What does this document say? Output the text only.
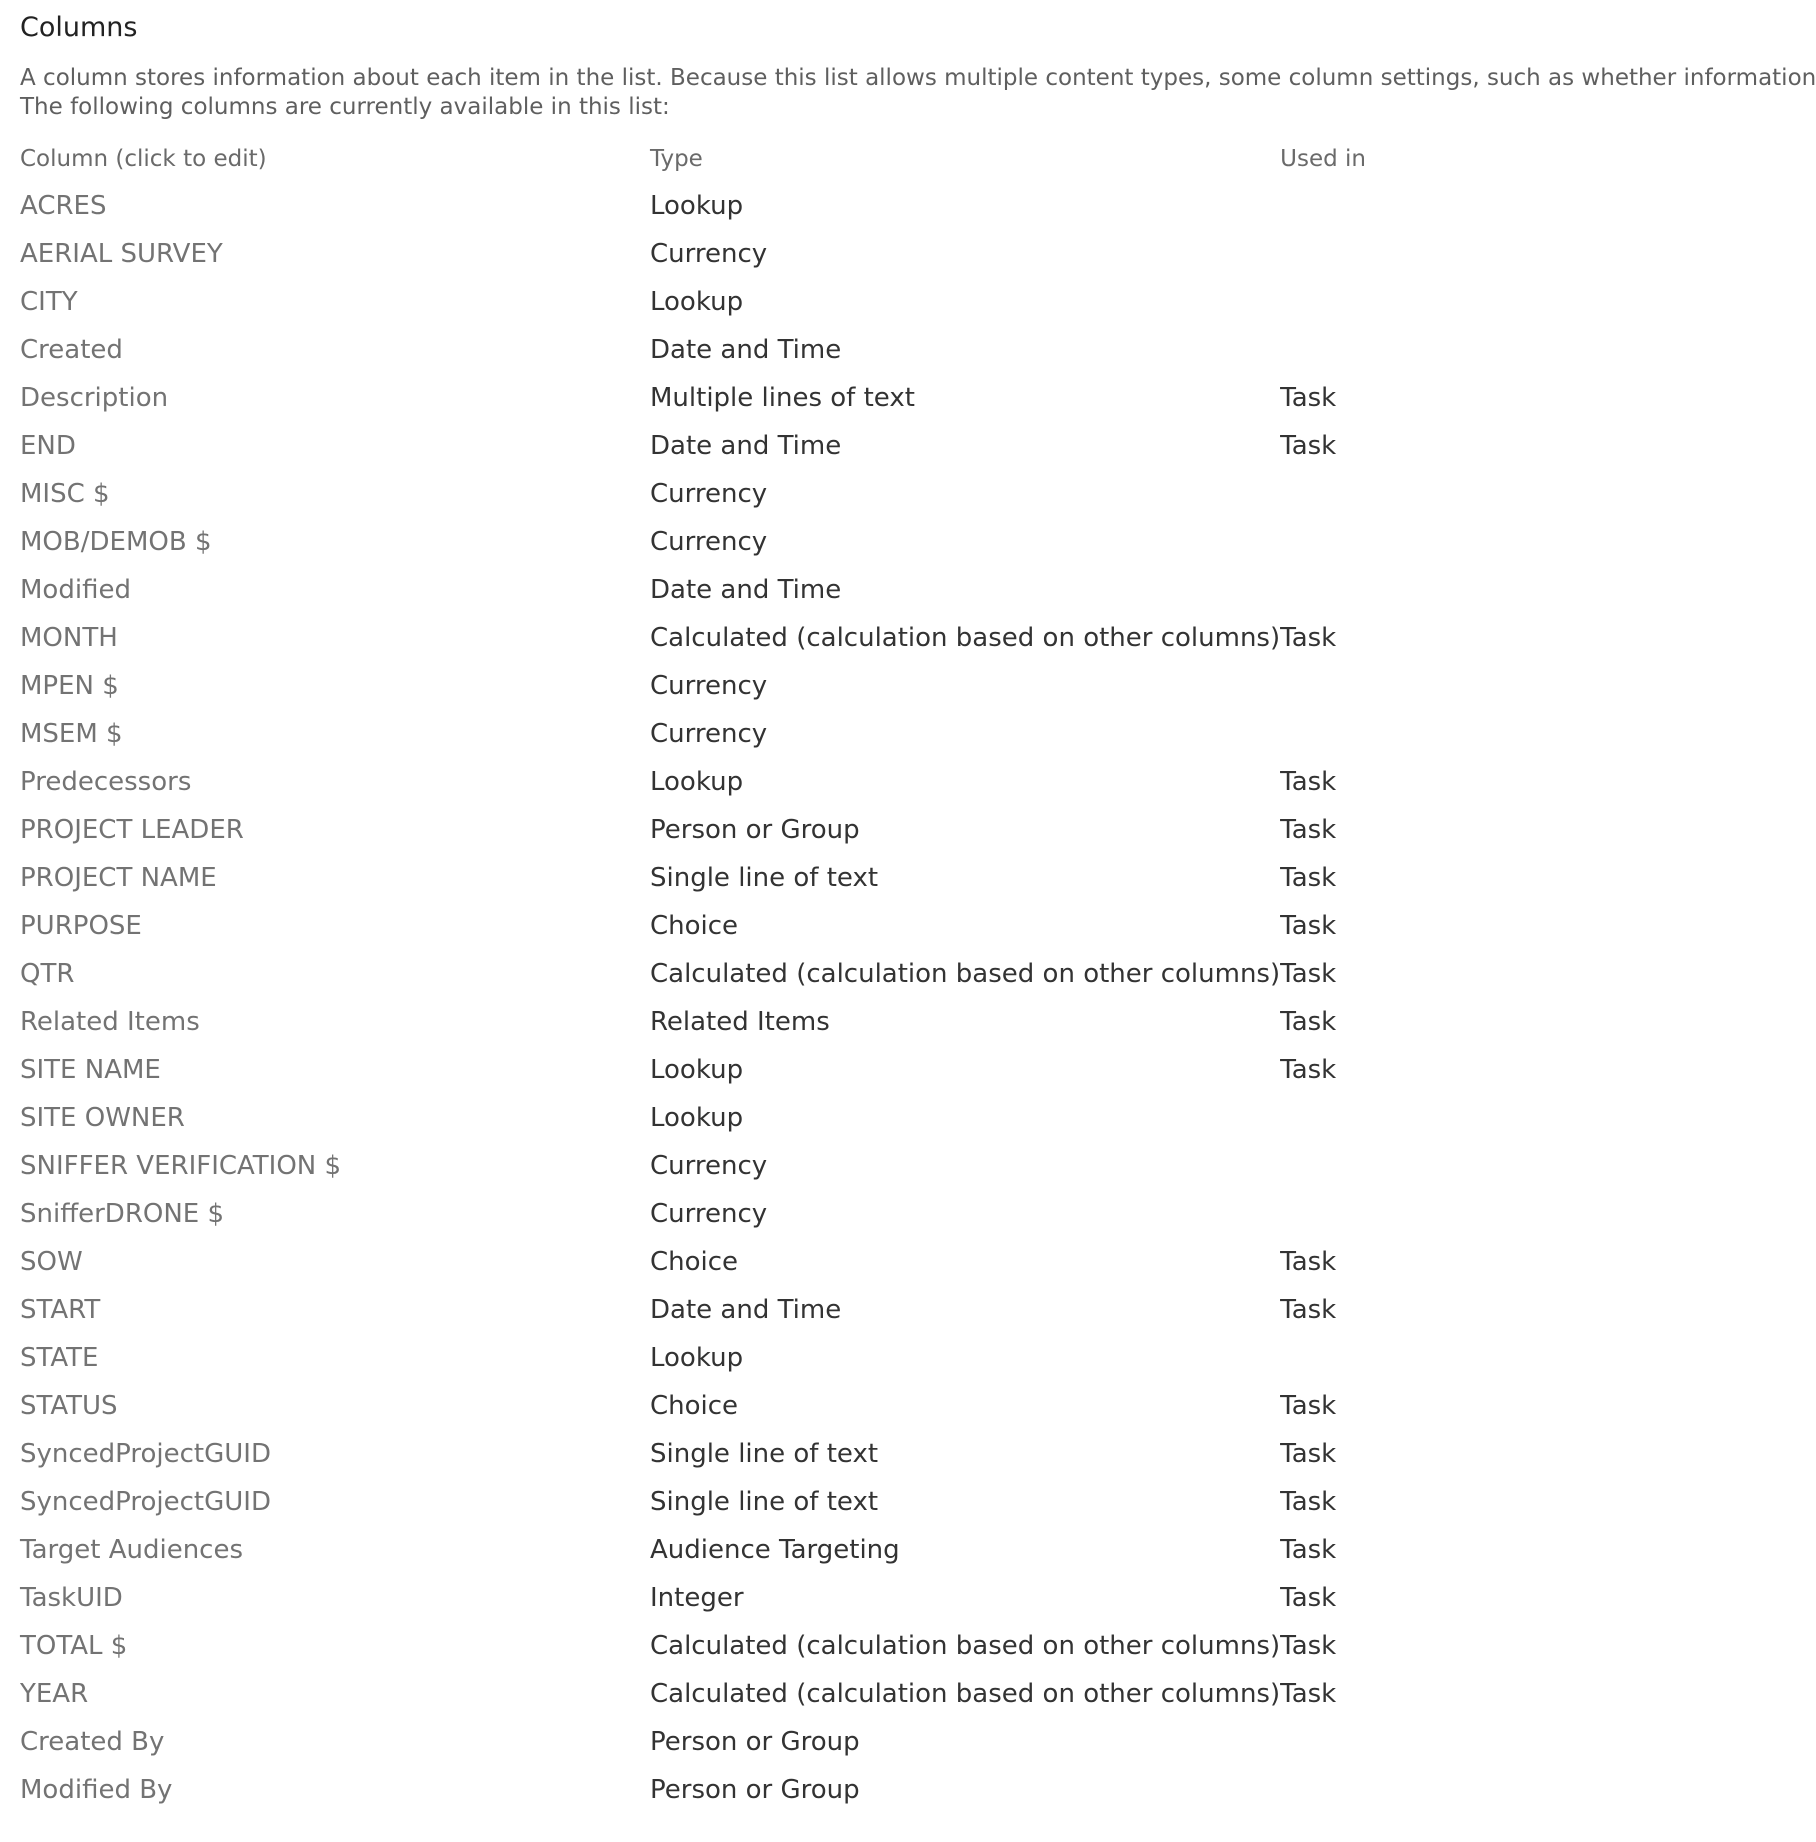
Columns
A column stores information about each item in the list. Because this list allows multiple content types, some column settings, such as whether information
The following columns are currently available in this list:
Column (click to edit)	Type	Used in
ACRES	Lookup	
AERIAL SURVEY	Currency	
CITY	Lookup	
Created	Date and Time	
Description	Multiple lines of text	Task
END	Date and Time	Task
MISC $	Currency	
MOB/DEMOB $	Currency	
Modified	Date and Time	
MONTH	Calculated (calculation based on other columns)	Task
MPEN $	Currency	
MSEM $	Currency	
Predecessors	Lookup	Task
PROJECT LEADER	Person or Group	Task
PROJECT NAME	Single line of text	Task
PURPOSE	Choice	Task
QTR	Calculated (calculation based on other columns)	Task
Related Items	Related Items	Task
SITE NAME	Lookup	Task
SITE OWNER	Lookup	
SNIFFER VERIFICATION $	Currency	
SnifferDRONE $	Currency	
SOW	Choice	Task
START	Date and Time	Task
STATE	Lookup	
STATUS	Choice	Task
SyncedProjectGUID	Single line of text	Task
SyncedProjectGUID	Single line of text	Task
Target Audiences	Audience Targeting	Task
TaskUID	Integer	Task
TOTAL $	Calculated (calculation based on other columns)	Task
YEAR	Calculated (calculation based on other columns)	Task
Created By	Person or Group	
Modified By	Person or Group	
